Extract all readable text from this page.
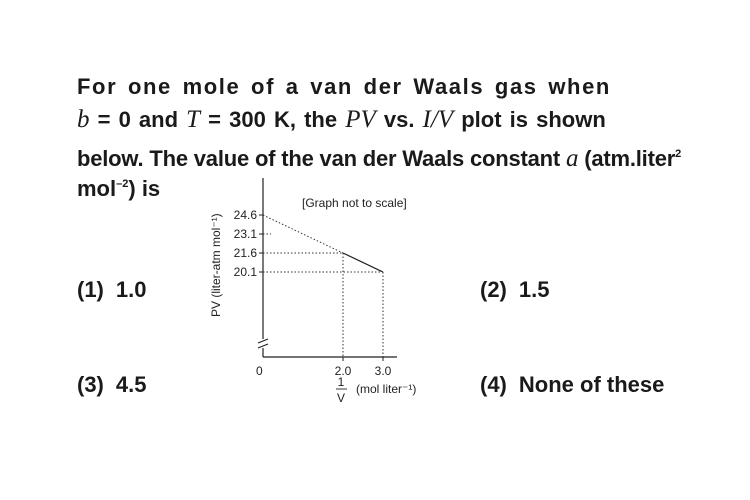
For one mole of a van der Waals gas when
b = 0 and T = 300 K, the PV vs. I/V plot is shown
below. The value of the van der Waals constant a (atm.liter$^2$
mol$^{-2}$) is
24.6
23.1
21.6
20.1
2.0 3.0
[Graph not to scale]
0
PV (liter-atm mol⁻¹)
1
V
(mol liter⁻¹)
(1) 1.0	(2) 1.5
(3) 4.5	(4) None of these
